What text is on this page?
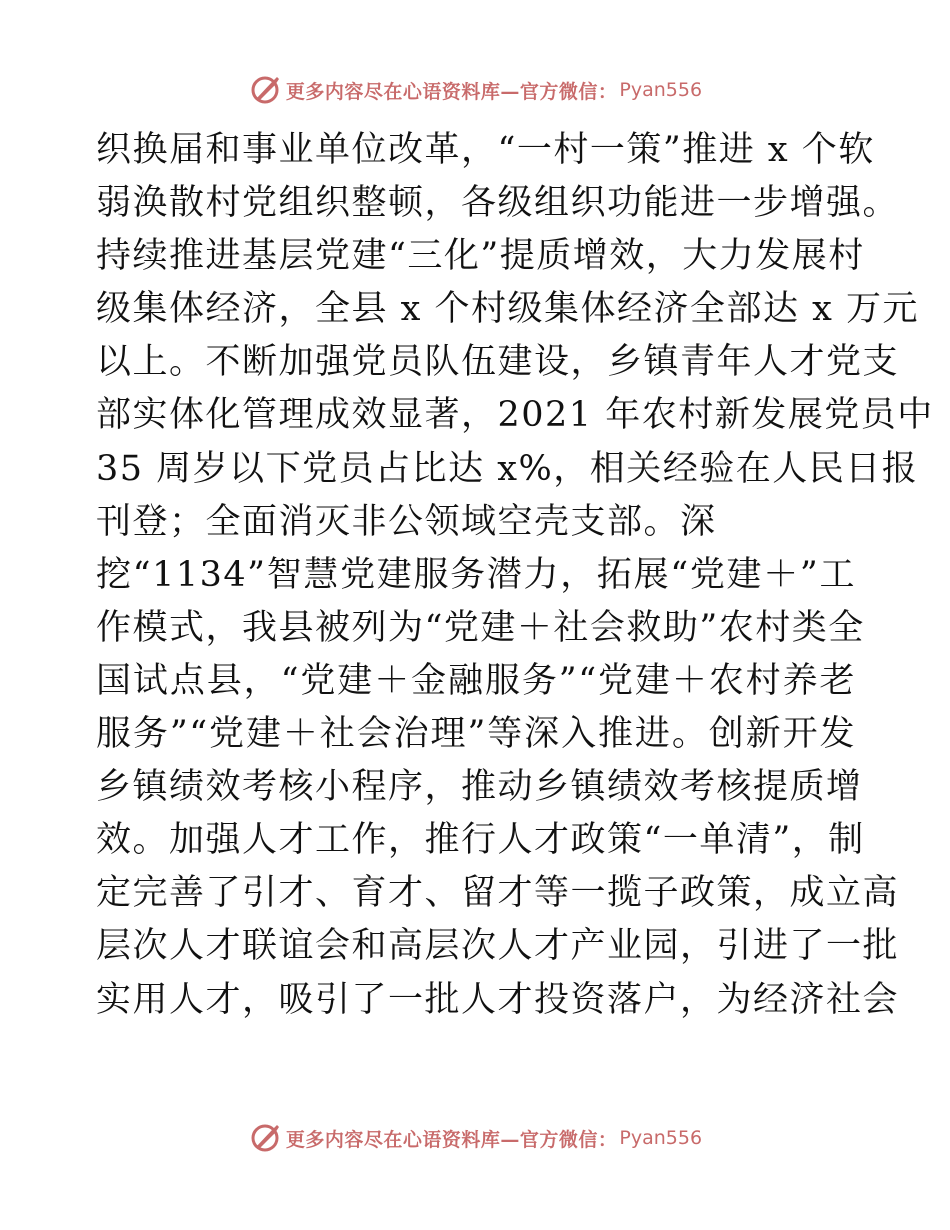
更多内容尽在心语资料库—官方微信： Pyan556
织换届和事业单位改革，“一村一策”推进 x 个软
弱涣散村党组织整顿，各级组织功能进一步增强。
持续推进基层党建“三化”提质增效，大力发展村
级集体经济，全县 x 个村级集体经济全部达 x 万元
以上。不断加强党员队伍建设，乡镇青年人才党支
部实体化管理成效显著，2021 年农村新发展党员中
35 周岁以下党员占比达 x%，相关经验在人民日报
刊登；全面消灭非公领域空壳支部。深
挖“1134”智慧党建服务潜力，拓展“党建＋”工
作模式，我县被列为“党建＋社会救助”农村类全
国试点县，“党建＋金融服务”“党建＋农村养老
服务”“党建＋社会治理”等深入推进。创新开发
乡镇绩效考核小程序，推动乡镇绩效考核提质增
效。加强人才工作，推行人才政策“一单清”，制
定完善了引才、育才、留才等一揽子政策，成立高
层次人才联谊会和高层次人才产业园，引进了一批
实用人才，吸引了一批人才投资落户，为经济社会
更多内容尽在心语资料库—官方微信： Pyan556
